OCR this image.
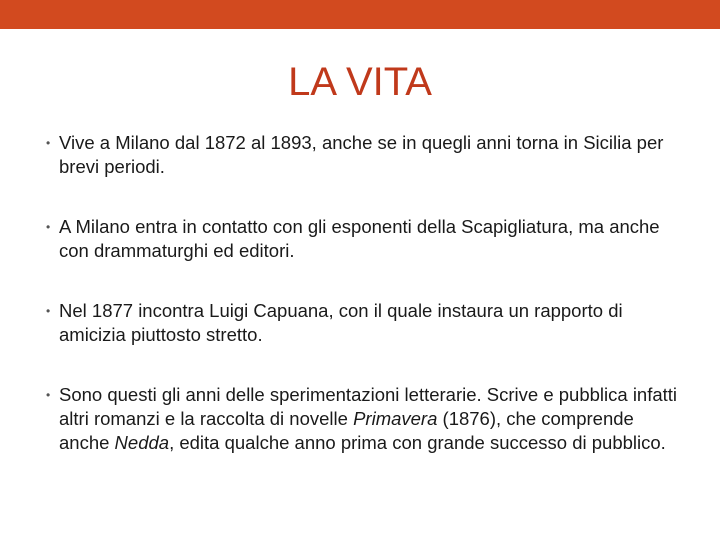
LA VITA
• Vive a Milano dal 1872 al 1893, anche se in quegli anni torna in Sicilia per brevi periodi.
• A Milano entra in contatto con gli esponenti della Scapigliatura, ma anche con drammaturghi ed editori.
• Nel 1877 incontra Luigi Capuana, con il quale instaura un rapporto di amicizia piuttosto stretto.
• Sono questi gli anni delle sperimentazioni letterarie. Scrive e pubblica infatti altri romanzi e la raccolta di novelle Primavera (1876), che comprende anche Nedda, edita qualche anno prima con grande successo di pubblico.
